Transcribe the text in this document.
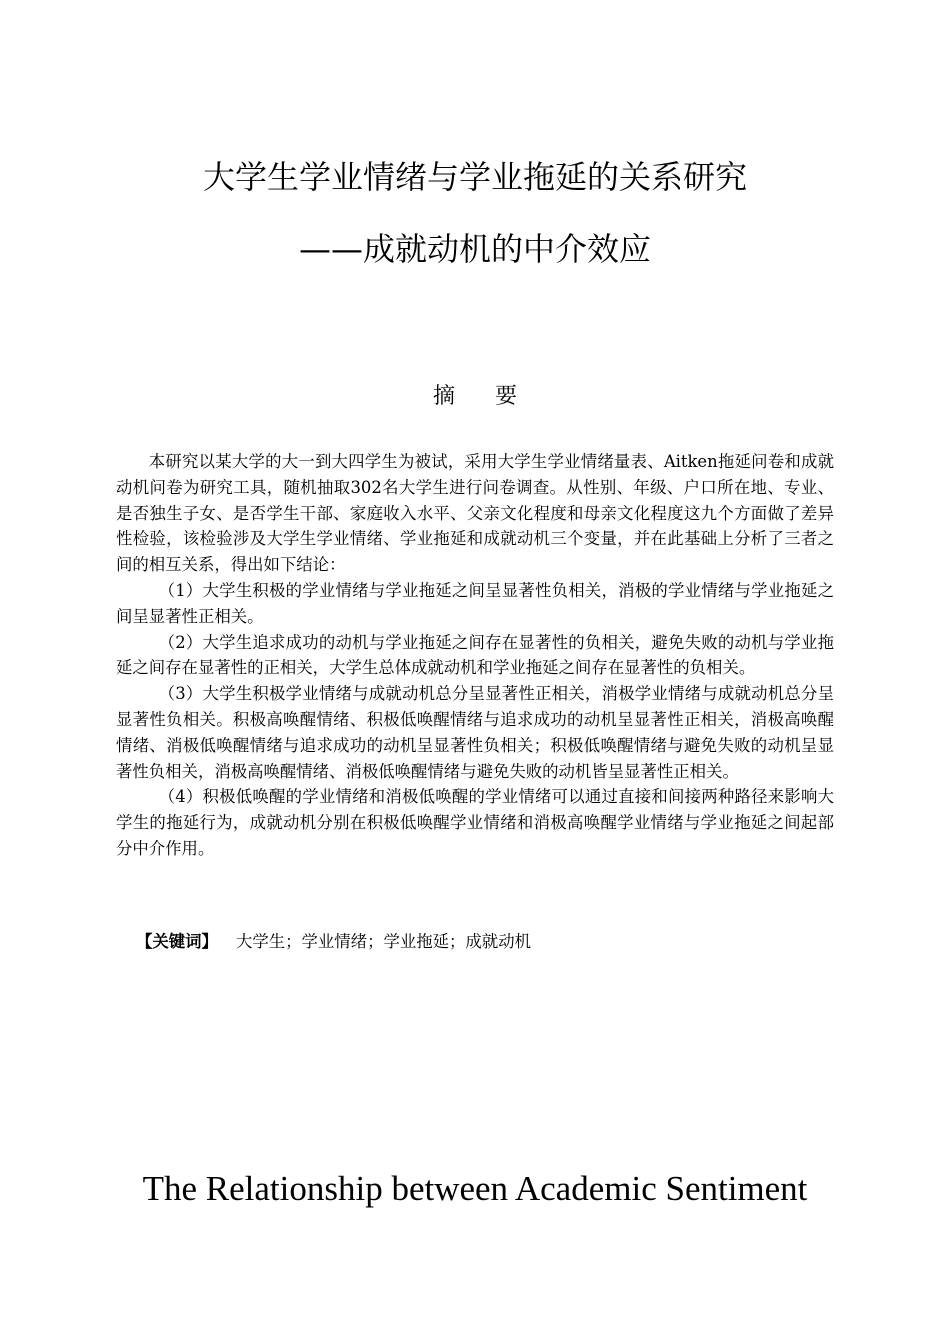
大学生学业情绪与学业拖延的关系研究
——成就动机的中介效应
摘要

本研究以某大学的大一到大四学生为被试，采用大学生学业情绪量表、Aitken拖延问卷和成就动机问卷为研究工具，随机抽取302名大学生进行问卷调查。从性别、年级、户口所在地、专业、是否独生子女、是否学生干部、家庭收入水平、父亲文化程度和母亲文化程度这九个方面做了差异性检验，该检验涉及大学生学业情绪、学业拖延和成就动机三个变量，并在此基础上分析了三者之间的相互关系，得出如下结论：

（1）大学生积极的学业情绪与学业拖延之间呈显著性负相关，消极的学业情绪与学业拖延之间呈显著性正相关。

（2）大学生追求成功的动机与学业拖延之间存在显著性的负相关，避免失败的动机与学业拖延之间存在显著性的正相关，大学生总体成就动机和学业拖延之间存在显著性的负相关。

（3）大学生积极学业情绪与成就动机总分呈显著性正相关，消极学业情绪与成就动机总分呈显著性负相关。积极高唤醒情绪、积极低唤醒情绪与追求成功的动机呈显著性正相关，消极高唤醒情绪、消极低唤醒情绪与追求成功的动机呈显著性负相关；积极低唤醒情绪与避免失败的动机呈显著性负相关，消极高唤醒情绪、消极低唤醒情绪与避免失败的动机皆呈显著性正相关。

（4）积极低唤醒的学业情绪和消极低唤醒的学业情绪可以通过直接和间接两种路径来影响大学生的拖延行为，成就动机分别在积极低唤醒学业情绪和消极高唤醒学业情绪与学业拖延之间起部分中介作用。

【关键词】 大学生；学业情绪；学业拖延；成就动机
The Relationship between Academic Sentiment
